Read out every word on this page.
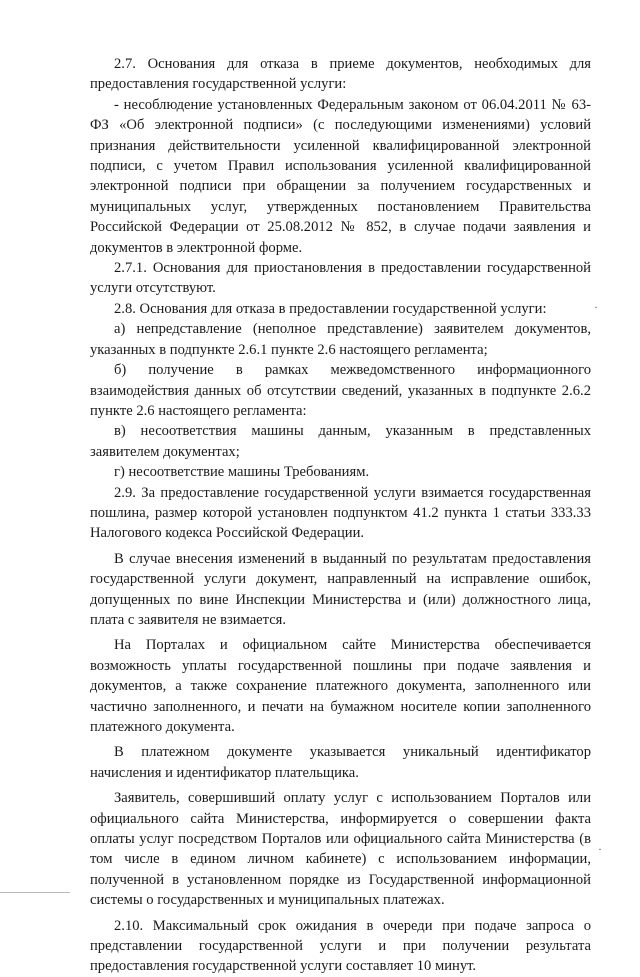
2.7. Основания для отказа в приеме документов, необходимых для предоставления государственной услуги:

- несоблюдение установленных Федеральным законом от 06.04.2011 № 63-ФЗ «Об электронной подписи» (с последующими изменениями) условий признания действительности усиленной квалифицированной электронной подписи, с учетом Правил использования усиленной квалифицированной электронной подписи при обращении за получением государственных и муниципальных услуг, утвержденных постановлением Правительства Российской Федерации от 25.08.2012 № 852, в случае подачи заявления и документов в электронной форме.

2.7.1. Основания для приостановления в предоставлении государственной услуги отсутствуют.

2.8. Основания для отказа в предоставлении государственной услуги:

а) непредставление (неполное представление) заявителем документов, указанных в подпункте 2.6.1 пункте 2.6 настоящего регламента;

б) получение в рамках межведомственного информационного взаимодействия данных об отсутствии сведений, указанных в подпункте 2.6.2 пункте 2.6 настоящего регламента:

в) несоответствия машины данным, указанным в представленных заявителем документах;

г) несоответствие машины Требованиям.

2.9. За предоставление государственной услуги взимается государственная пошлина, размер которой установлен подпунктом 41.2 пункта 1 статьи 333.33 Налогового кодекса Российской Федерации.

В случае внесения изменений в выданный по результатам предоставления государственной услуги документ, направленный на исправление ошибок, допущенных по вине Инспекции Министерства и (или) должностного лица, плата с заявителя не взимается.

На Порталах и официальном сайте Министерства обеспечивается возможность уплаты государственной пошлины при подаче заявления и документов, а также сохранение платежного документа, заполненного или частично заполненного, и печати на бумажном носителе копии заполненного платежного документа.

В платежном документе указывается уникальный идентификатор начисления и идентификатор плательщика.

Заявитель, совершивший оплату услуг с использованием Порталов или официального сайта Министерства, информируется о совершении факта оплаты услуг посредством Порталов или официального сайта Министерства (в том числе в едином личном кабинете) с использованием информации, полученной в установленном порядке из Государственной информационной системы о государственных и муниципальных платежах.

2.10. Максимальный срок ожидания в очереди при подаче запроса о представлении государственной услуги и при получении результата предоставления государственной услуги составляет 10 минут.

·
·
